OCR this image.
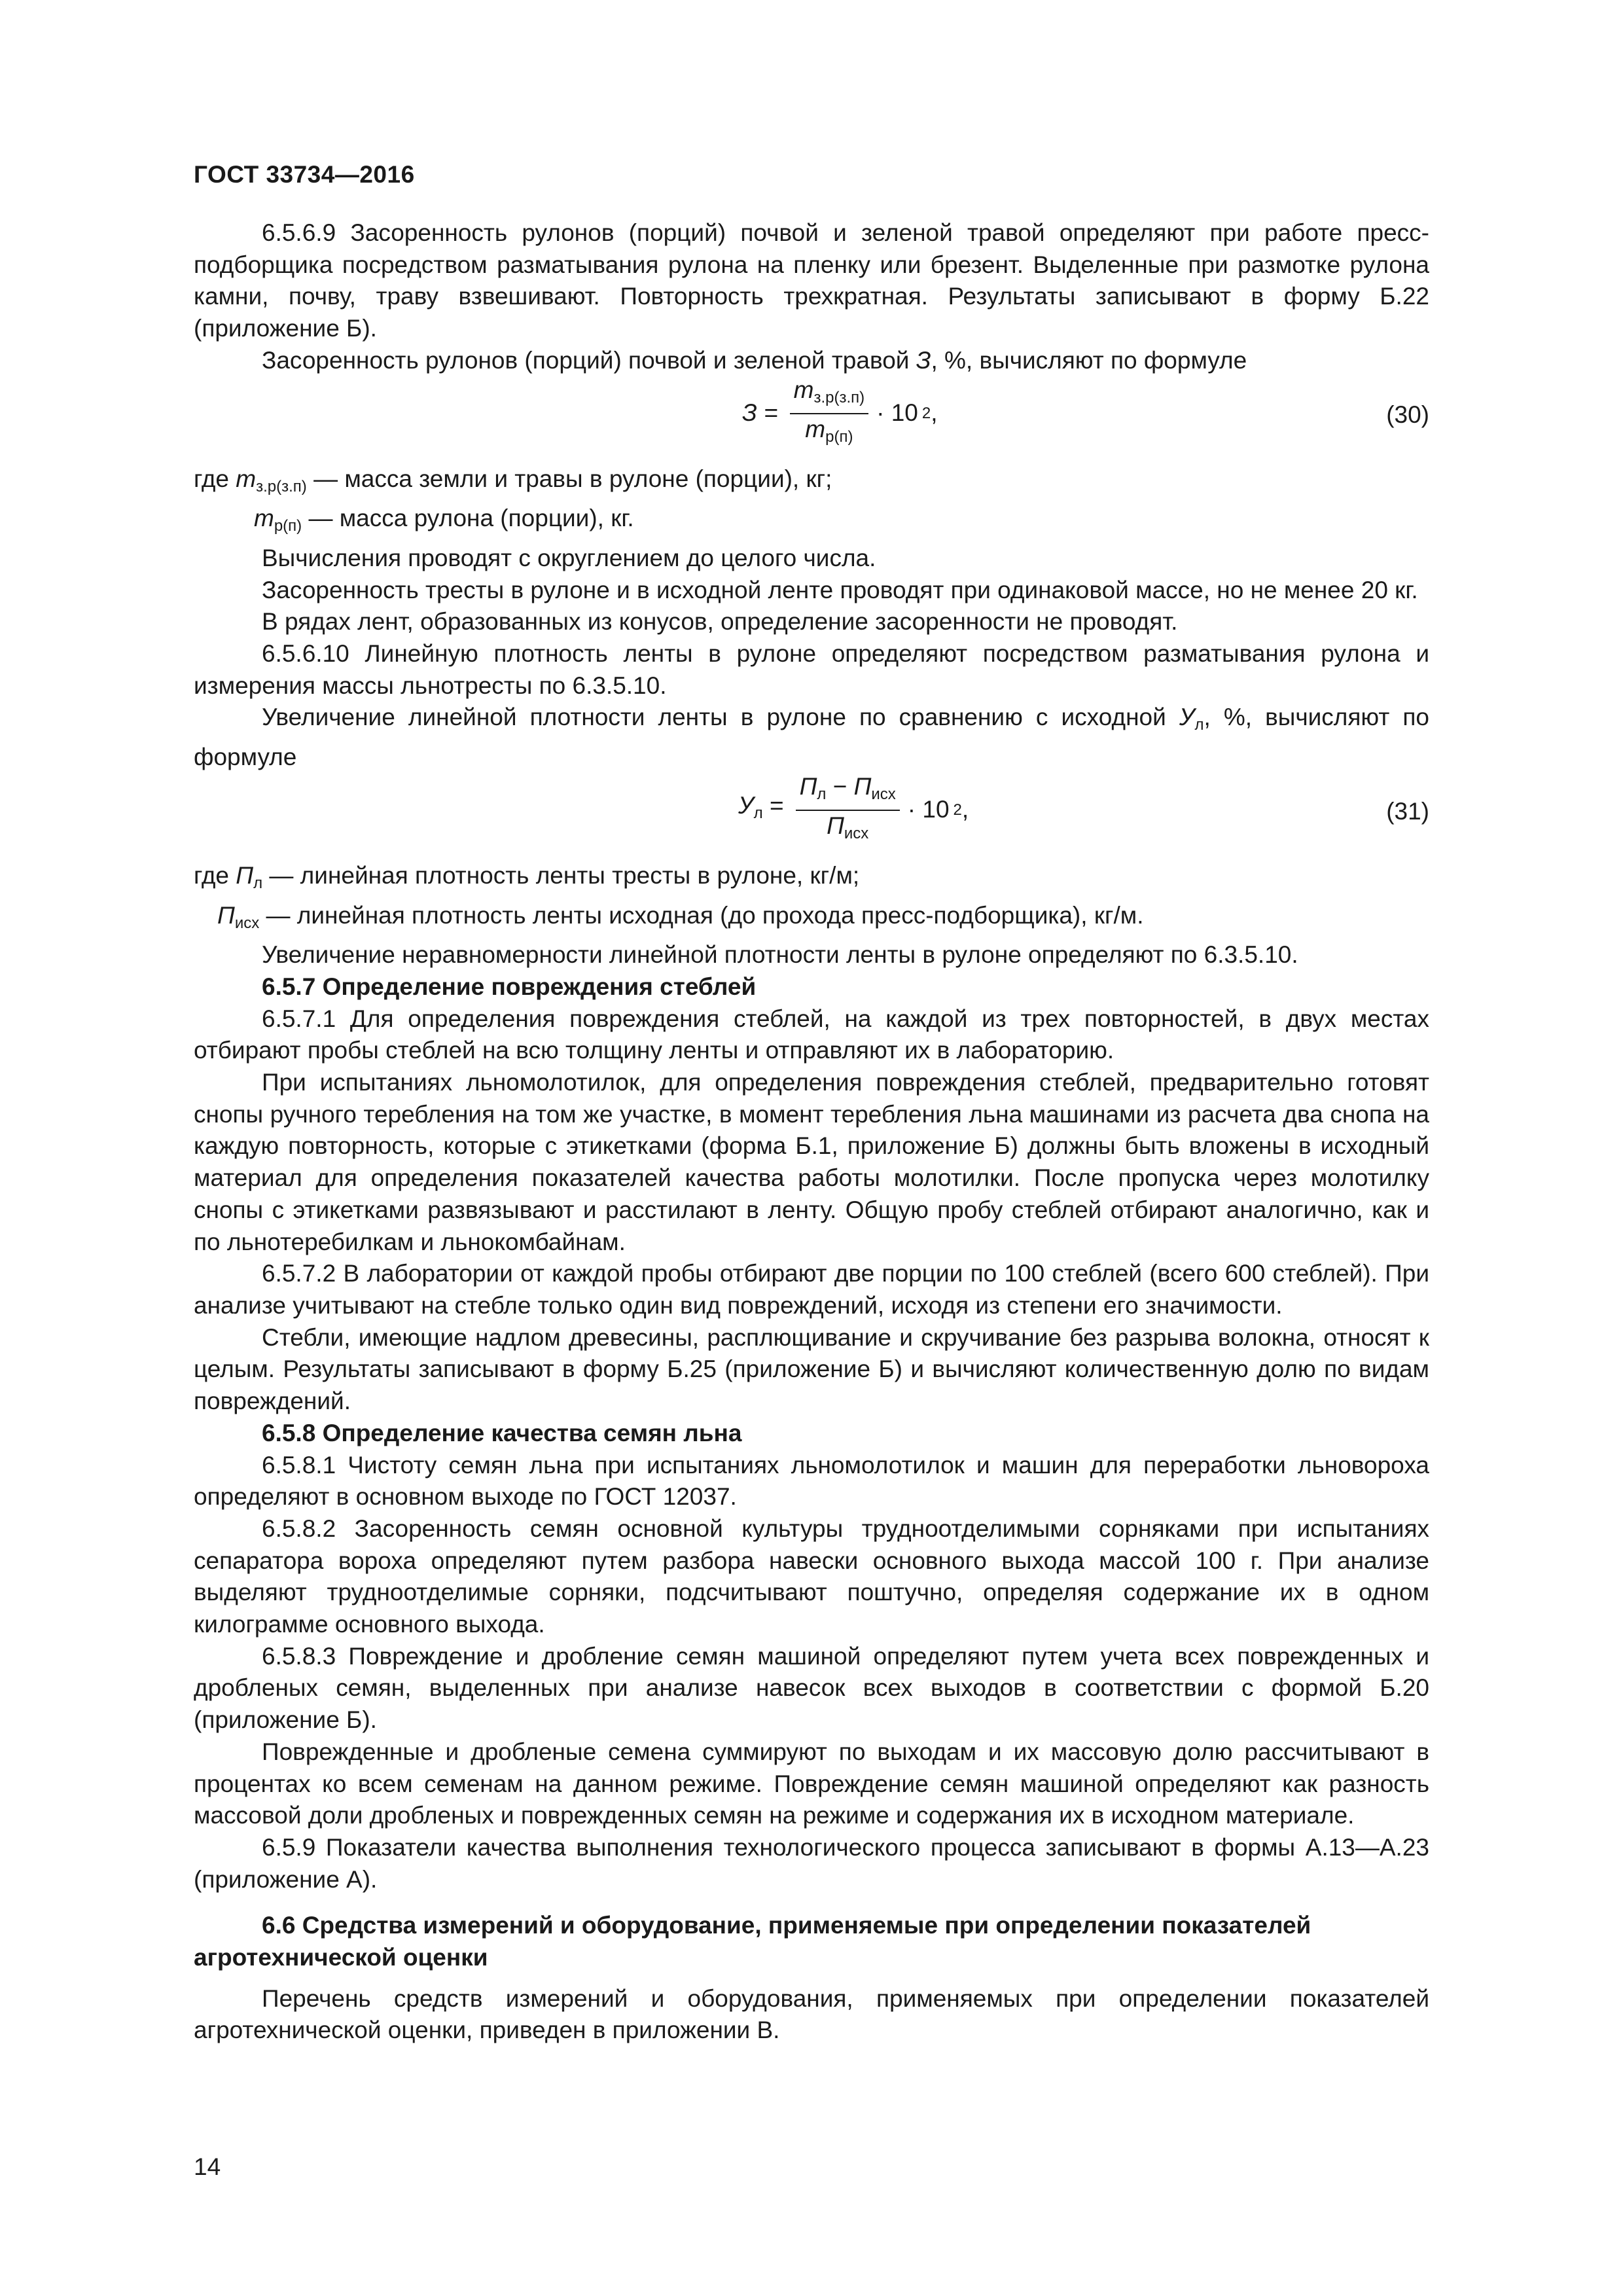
ГОСТ 33734—2016

6.5.6.9 Засоренность рулонов (порций) почвой и зеленой травой определяют при работе пресс-подборщика посредством разматывания рулона на пленку или брезент. Выделенные при размотке рулона камни, почву, траву взвешивают. Повторность трехкратная. Результаты записывают в форму Б.22 (приложение Б).

Засоренность рулонов (порций) почвой и зеленой травой З, %, вычисляют по формуле

$З = \frac{m_{з.р(з.п)}}{m_{р(п)}} \cdot 10$ 2 ,	(30)

где $m_{з.р(з.п)}$ — масса земли и травы в рулоне (порции), кг;

$m_{р(п)}$ — масса рулона (порции), кг.

Вычисления проводят с округлением до целого числа.

Засоренность тресты в рулоне и в исходной ленте проводят при одинаковой массе, но не менее 20 кг.

В рядах лент, образованных из конусов, определение засоренности не проводят.

6.5.6.10 Линейную плотность ленты в рулоне определяют посредством разматывания рулона и измерения массы льнотресты по 6.3.5.10.

Увеличение линейной плотности ленты в рулоне по сравнению с исходной $У_л$, %, вычисляют по формуле

$У_л = \frac{П_л - П_{исх}}{П_{исх}} \cdot 10$ 2 ,	(31)

где $П_л$ — линейная плотность ленты тресты в рулоне, кг/м;

$П_{исх}$ — линейная плотность ленты исходная (до прохода пресс-подборщика), кг/м.

Увеличение неравномерности линейной плотности ленты в рулоне определяют по 6.3.5.10.

6.5.7 Определение повреждения стеблей

6.5.7.1 Для определения повреждения стеблей, на каждой из трех повторностей, в двух местах отбирают пробы стеблей на всю толщину ленты и отправляют их в лабораторию.

При испытаниях льномолотилок, для определения повреждения стеблей, предварительно готовят снопы ручного теребления на том же участке, в момент теребления льна машинами из расчета два снопа на каждую повторность, которые с этикетками (форма Б.1, приложение Б) должны быть вложены в исходный материал для определения показателей качества работы молотилки. После пропуска через молотилку снопы с этикетками развязывают и расстилают в ленту. Общую пробу стеблей отбирают аналогично, как и по льнотеребилкам и льнокомбайнам.

6.5.7.2 В лаборатории от каждой пробы отбирают две порции по 100 стеблей (всего 600 стеблей). При анализе учитывают на стебле только один вид повреждений, исходя из степени его значимости.

Стебли, имеющие надлом древесины, расплющивание и скручивание без разрыва волокна, относят к целым. Результаты записывают в форму Б.25 (приложение Б) и вычисляют количественную долю по видам повреждений.

6.5.8 Определение качества семян льна

6.5.8.1 Чистоту семян льна при испытаниях льномолотилок и машин для переработки льновороха определяют в основном выходе по ГОСТ 12037.

6.5.8.2 Засоренность семян основной культуры трудноотделимыми сорняками при испытаниях сепаратора вороха определяют путем разбора навески основного выхода массой 100 г. При анализе выделяют трудноотделимые сорняки, подсчитывают поштучно, определяя содержание их в одном килограмме основного выхода.

6.5.8.3 Повреждение и дробление семян машиной определяют путем учета всех поврежденных и дробленых семян, выделенных при анализе навесок всех выходов в соответствии с формой Б.20 (приложение Б).

Поврежденные и дробленые семена суммируют по выходам и их массовую долю рассчитывают в процентах ко всем семенам на данном режиме. Повреждение семян машиной определяют как разность массовой доли дробленых и поврежденных семян на режиме и содержания их в исходном материале.

6.5.9 Показатели качества выполнения технологического процесса записывают в формы А.13—А.23 (приложение А).

6.6 Средства измерений и оборудование, применяемые при определении показателей агротехнической оценки

Перечень средств измерений и оборудования, применяемых при определении показателей агротехнической оценки, приведен в приложении В.

14
